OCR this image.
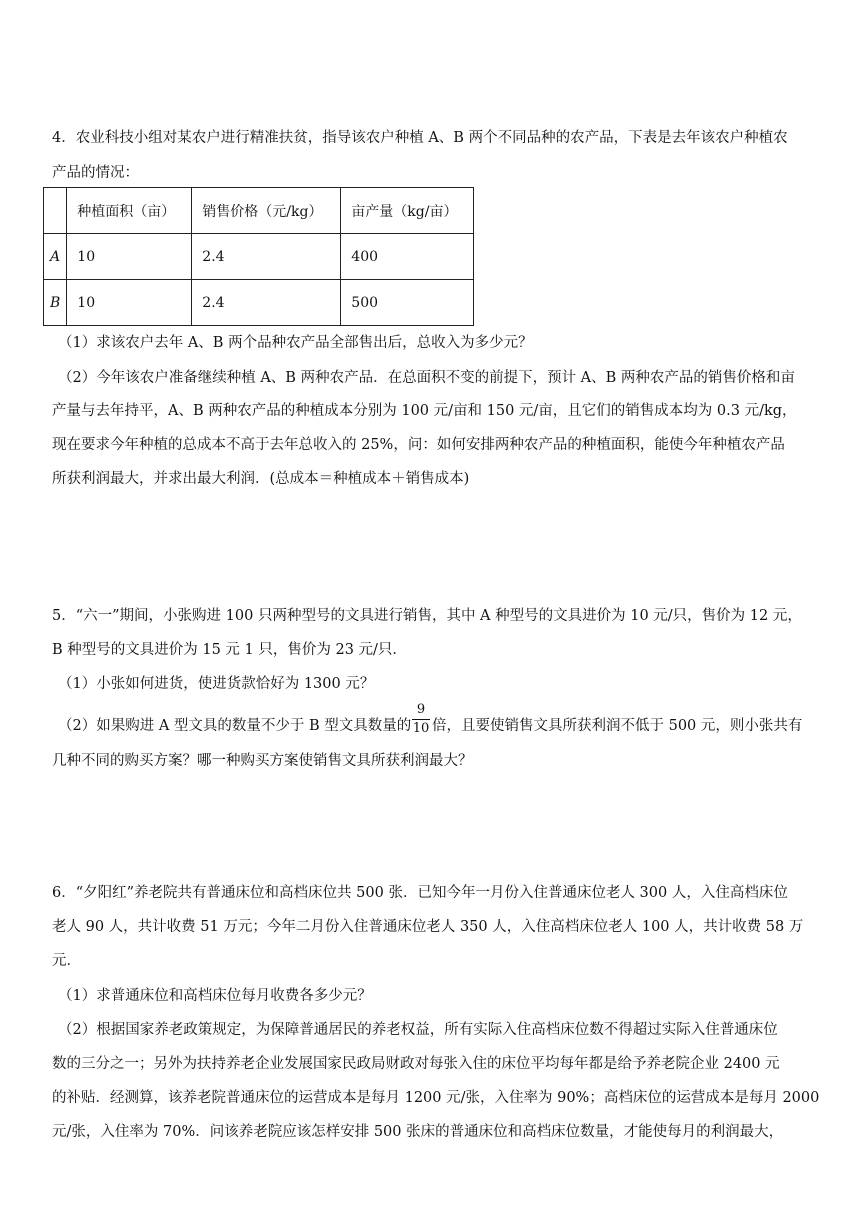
4．农业科技小组对某农户进行精准扶贫，指导该农户种植 A、B 两个不同品种的农产品，下表是去年该农户种植农
产品的情况：
	种植面积（亩）	销售价格（元/kg）	亩产量（kg/亩）
A	10	2.4	400
B	10	2.4	500
（1）求该农户去年 A、B 两个品种农产品全部售出后，总收入为多少元？
（2）今年该农户准备继续种植 A、B 两种农产品．在总面积不变的前提下，预计 A、B 两种农产品的销售价格和亩
产量与去年持平，A、B 两种农产品的种植成本分别为 100 元/亩和 150 元/亩，且它们的销售成本均为 0.3 元/kg，
现在要求今年种植的总成本不高于去年总收入的 25%，问：如何安排两种农产品的种植面积，能使今年种植农产品
所获利润最大，并求出最大利润．(总成本＝种植成本＋销售成本)
5．“六一”期间，小张购进 100 只两种型号的文具进行销售，其中 A 种型号的文具进价为 10 元/只，售价为 12 元，
B 种型号的文具进价为 15 元 1 只，售价为 23 元/只．
（1）小张如何进货，使进货款恰好为 1300 元？
（2）如果购进 A 型文具的数量不少于 B 型文具数量的
9
10 倍，且要使销售文具所获利润不低于 500 元，则小张共有
几种不同的购买方案？哪一种购买方案使销售文具所获利润最大？
6．“夕阳红”养老院共有普通床位和高档床位共 500 张．已知今年一月份入住普通床位老人 300 人，入住高档床位
老人 90 人，共计收费 51 万元；今年二月份入住普通床位老人 350 人，入住高档床位老人 100 人，共计收费 58 万
元．
（1）求普通床位和高档床位每月收费各多少元？
（2）根据国家养老政策规定，为保障普通居民的养老权益，所有实际入住高档床位数不得超过实际入住普通床位
数的三分之一；另外为扶持养老企业发展国家民政局财政对每张入住的床位平均每年都是给予养老院企业 2400 元
的补贴．经测算，该养老院普通床位的运营成本是每月 1200 元/张，入住率为 90%；高档床位的运营成本是每月 2000
元/张，入住率为 70%．问该养老院应该怎样安排 500 张床的普通床位和高档床位数量，才能使每月的利润最大，
